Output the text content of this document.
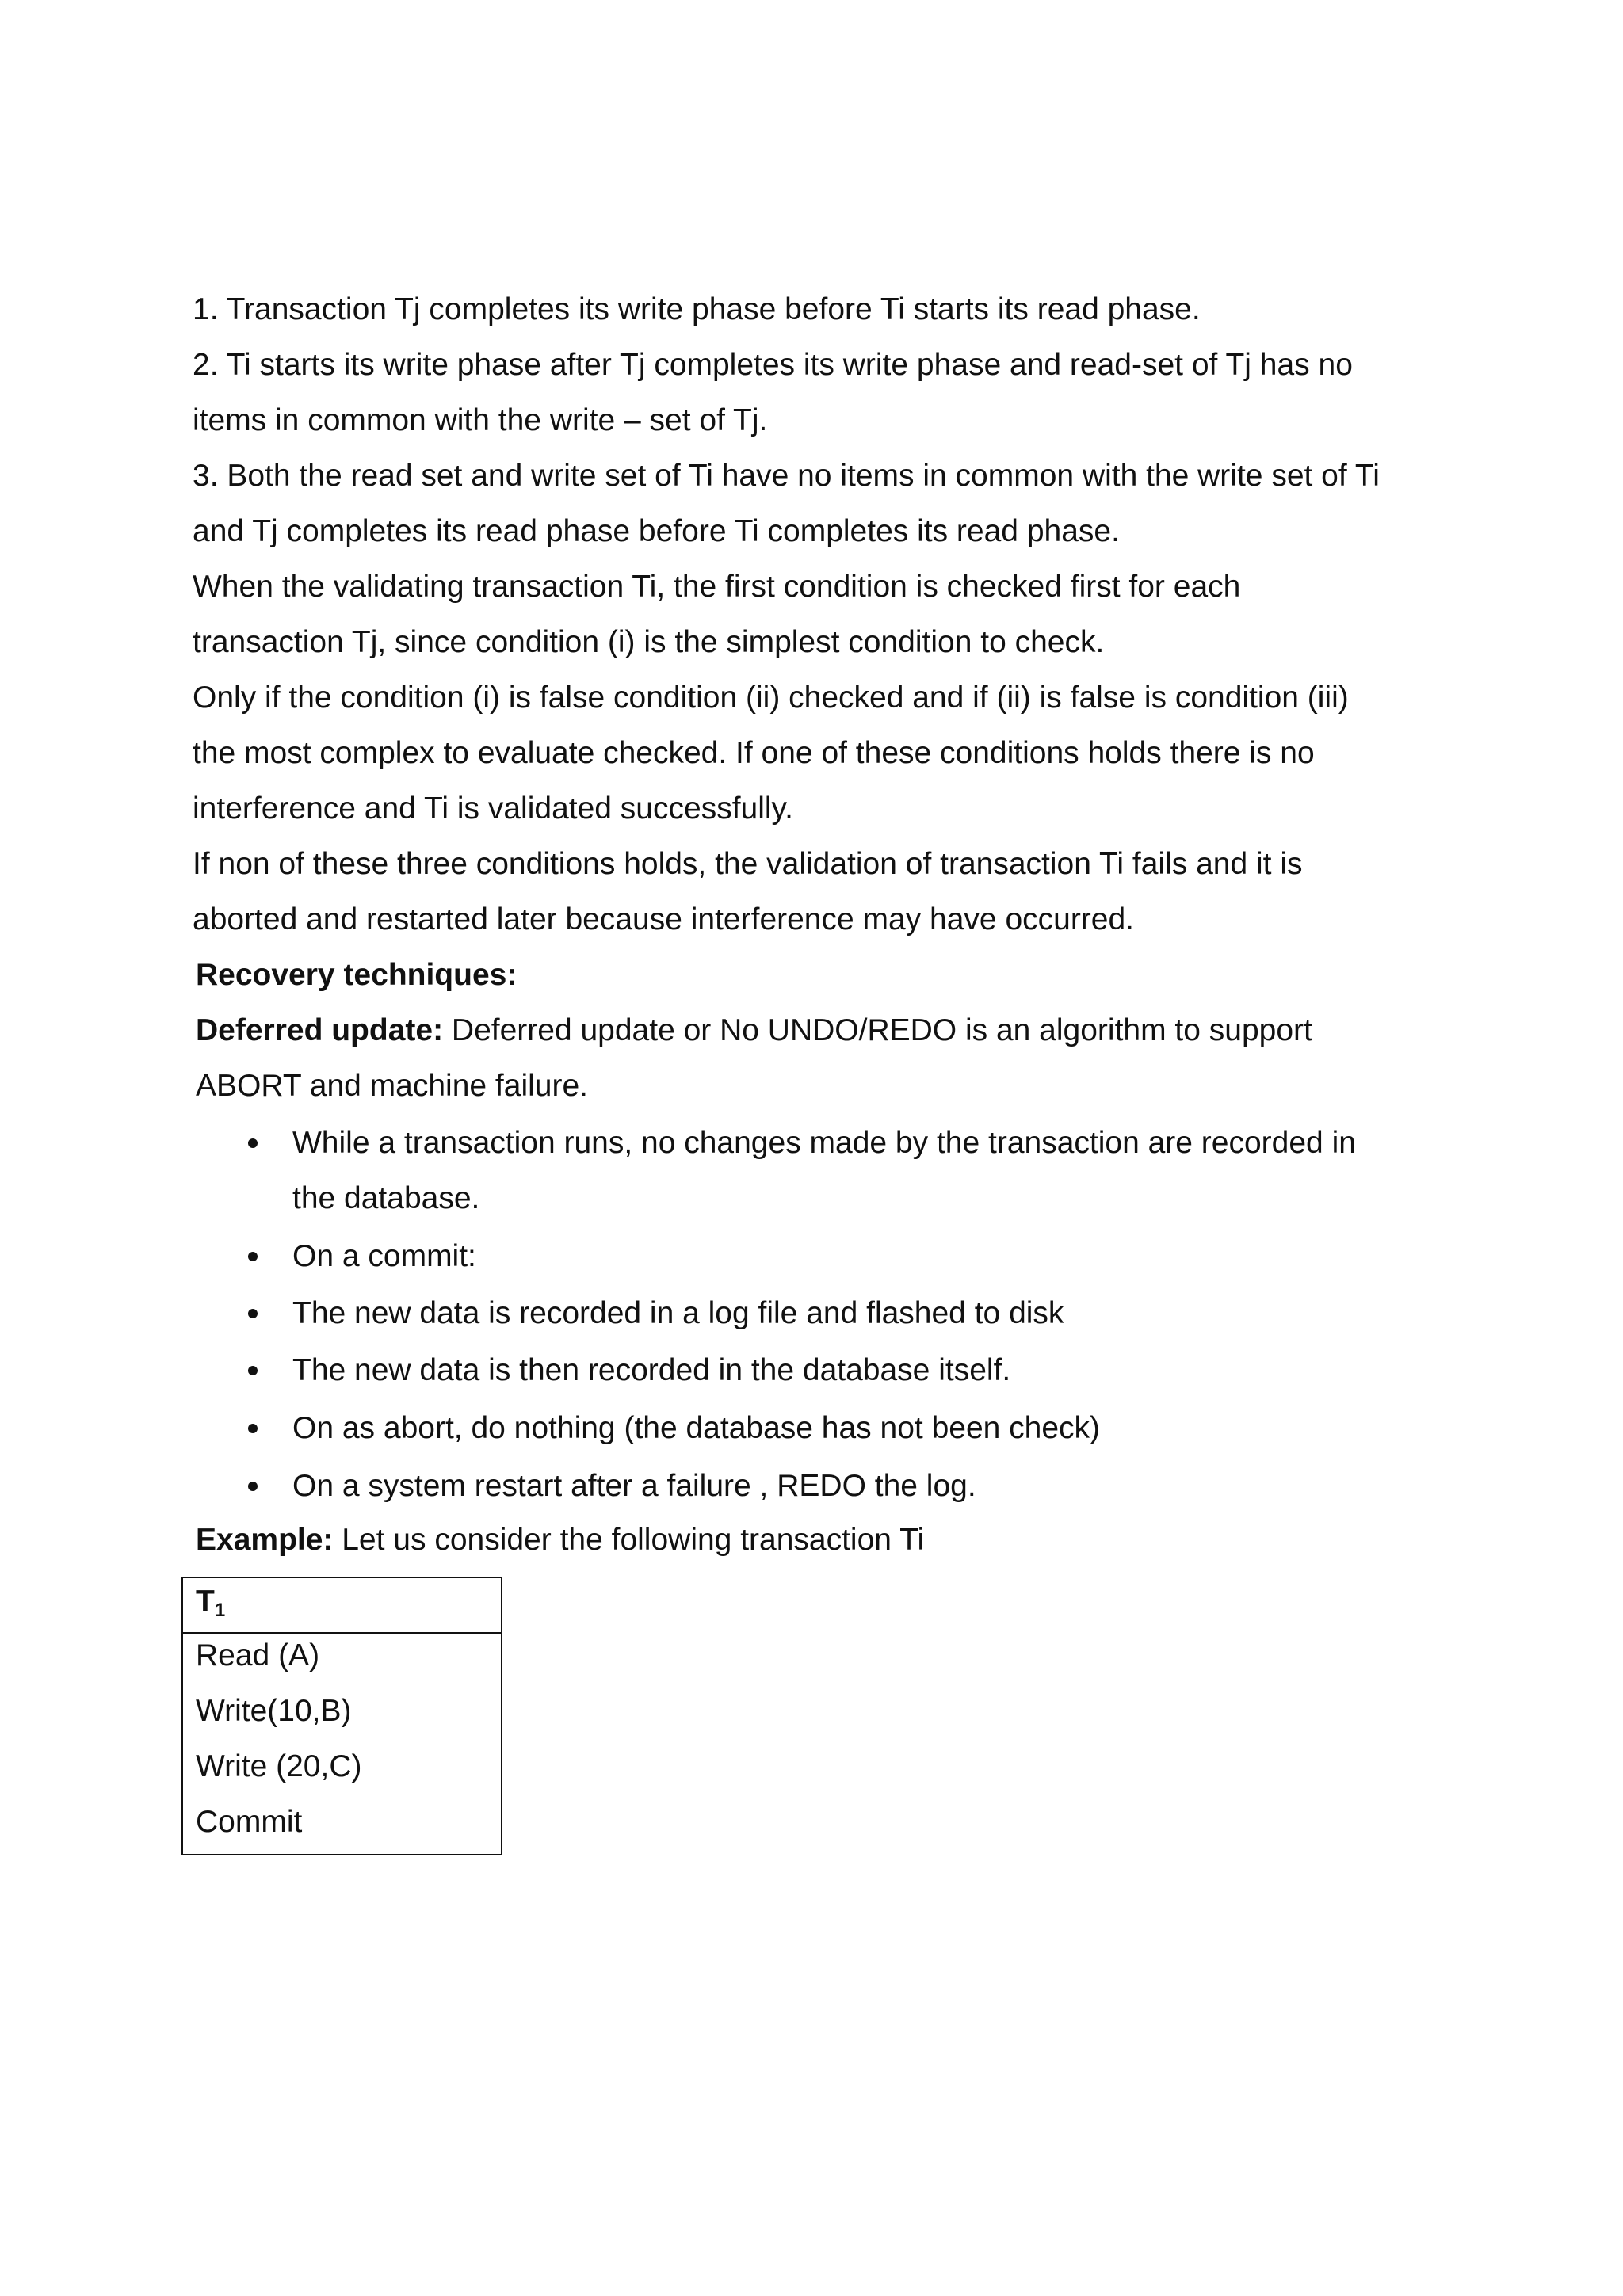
1. Transaction Tj completes its write phase before Ti starts its read phase.
2. Ti starts its write phase after Tj completes its write phase and read-set of Tj has no
items in common with the write – set of Tj.
3. Both the read set and write set of Ti have no items in common with the write set of Ti
and Tj completes its read phase before Ti completes its read phase.
When the validating transaction Ti, the first condition is checked first for each
transaction Tj, since condition (i) is the simplest condition to check.
Only if the condition (i) is false condition (ii) checked and if (ii) is false is condition (iii)
the most complex to evaluate checked. If one of these conditions holds there is no
interference and Ti is validated successfully.
If non of these three conditions holds, the validation of transaction Ti fails and it is
aborted and restarted later because interference may have occurred.
Recovery techniques:
Deferred update: Deferred update or No UNDO/REDO is an algorithm to support
ABORT and machine failure.
While a transaction runs, no changes made by the transaction are recorded in
the database.
On a commit:
The new data is recorded in a log file and flashed to disk
The new data is then recorded in the database itself.
On as abort, do nothing (the database has not been check)
On a system restart after a failure , REDO the log.
Example: Let us consider the following transaction Ti
$T_1$
Read (A)
Write(10,B)
Write (20,C)
Commit
